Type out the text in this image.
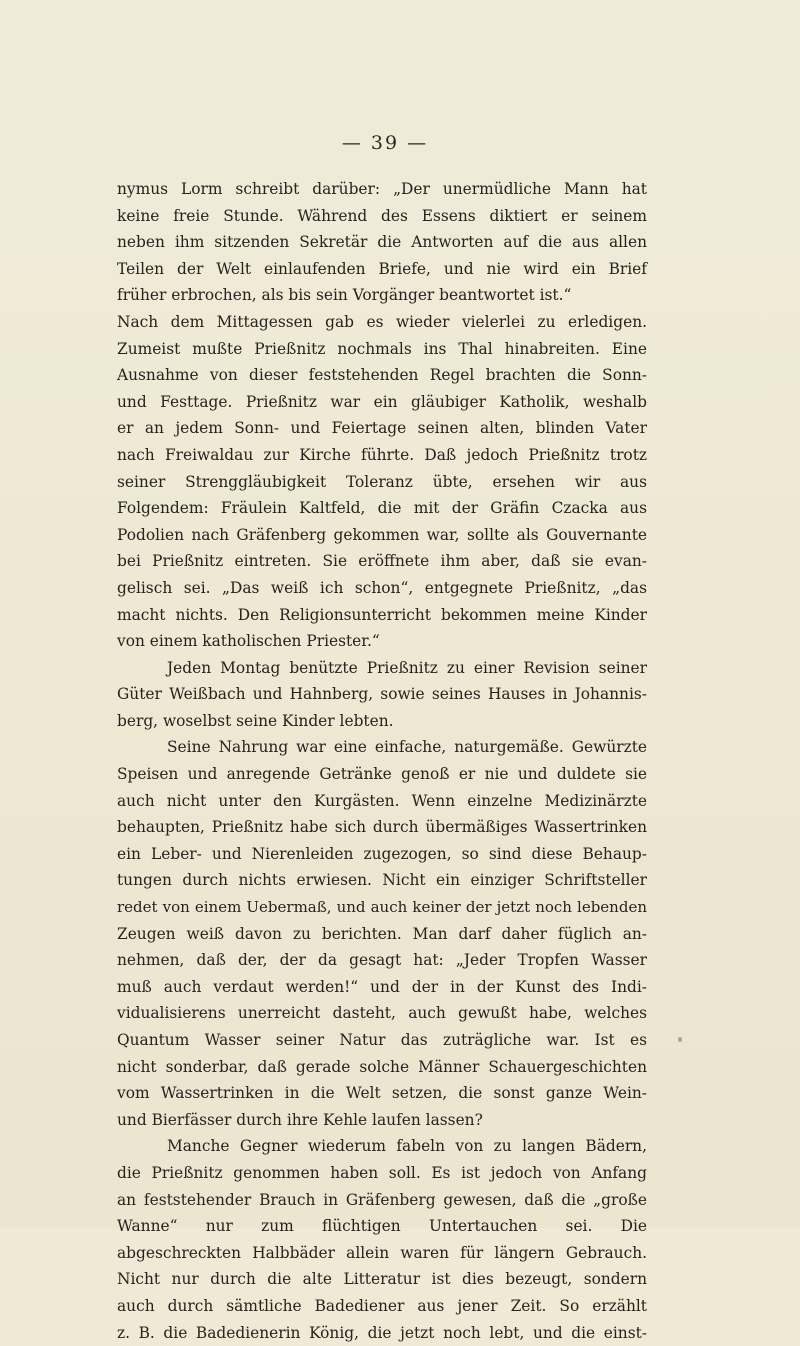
— 39 —
nymus Lorm schreibt darüber: „Der unermüdliche Mann hat
keine freie Stunde. Während des Essens diktiert er seinem
neben ihm sitzenden Sekretär die Antworten auf die aus allen
Teilen der Welt einlaufenden Briefe, und nie wird ein Brief
früher erbrochen, als bis sein Vorgänger beantwortet ist.“
Nach dem Mittagessen gab es wieder vielerlei zu erledigen.
Zumeist mußte Prießnitz nochmals ins Thal hinabreiten. Eine
Ausnahme von dieser feststehenden Regel brachten die Sonn-
und Festtage. Prießnitz war ein gläubiger Katholik, weshalb
er an jedem Sonn- und Feiertage seinen alten, blinden Vater
nach Freiwaldau zur Kirche führte. Daß jedoch Prießnitz trotz
seiner Strenggläubigkeit Toleranz übte, ersehen wir aus
Folgendem: Fräulein Kaltfeld, die mit der Gräfin Czacka aus
Podolien nach Gräfenberg gekommen war, sollte als Gouvernante
bei Prießnitz eintreten. Sie eröffnete ihm aber, daß sie evan-
gelisch sei. „Das weiß ich schon“, entgegnete Prießnitz, „das
macht nichts. Den Religionsunterricht bekommen meine Kinder
von einem katholischen Priester.“
Jeden Montag benützte Prießnitz zu einer Revision seiner
Güter Weißbach und Hahnberg, sowie seines Hauses in Johannis-
berg, woselbst seine Kinder lebten.
Seine Nahrung war eine einfache, naturgemäße. Gewürzte
Speisen und anregende Getränke genoß er nie und duldete sie
auch nicht unter den Kurgästen. Wenn einzelne Medizinärzte
behaupten, Prießnitz habe sich durch übermäßiges Wassertrinken
ein Leber- und Nierenleiden zugezogen, so sind diese Behaup-
tungen durch nichts erwiesen. Nicht ein einziger Schriftsteller
redet von einem Uebermaß, und auch keiner der jetzt noch lebenden
Zeugen weiß davon zu berichten. Man darf daher füglich an-
nehmen, daß der, der da gesagt hat: „Jeder Tropfen Wasser
muß auch verdaut werden!“ und der in der Kunst des Indi-
vidualisierens unerreicht dasteht, auch gewußt habe, welches
Quantum Wasser seiner Natur das zuträgliche war. Ist es
nicht sonderbar, daß gerade solche Männer Schauergeschichten
vom Wassertrinken in die Welt setzen, die sonst ganze Wein-
und Bierfässer durch ihre Kehle laufen lassen?
Manche Gegner wiederum fabeln von zu langen Bädern,
die Prießnitz genommen haben soll. Es ist jedoch von Anfang
an feststehender Brauch in Gräfenberg gewesen, daß die „große
Wanne“ nur zum flüchtigen Untertauchen sei. Die
abgeschreckten Halbbäder allein waren für längern Gebrauch.
Nicht nur durch die alte Litteratur ist dies bezeugt, sondern
auch durch sämtliche Badediener aus jener Zeit. So erzählt
z. B. die Badedienerin König, die jetzt noch lebt, und die einst-
